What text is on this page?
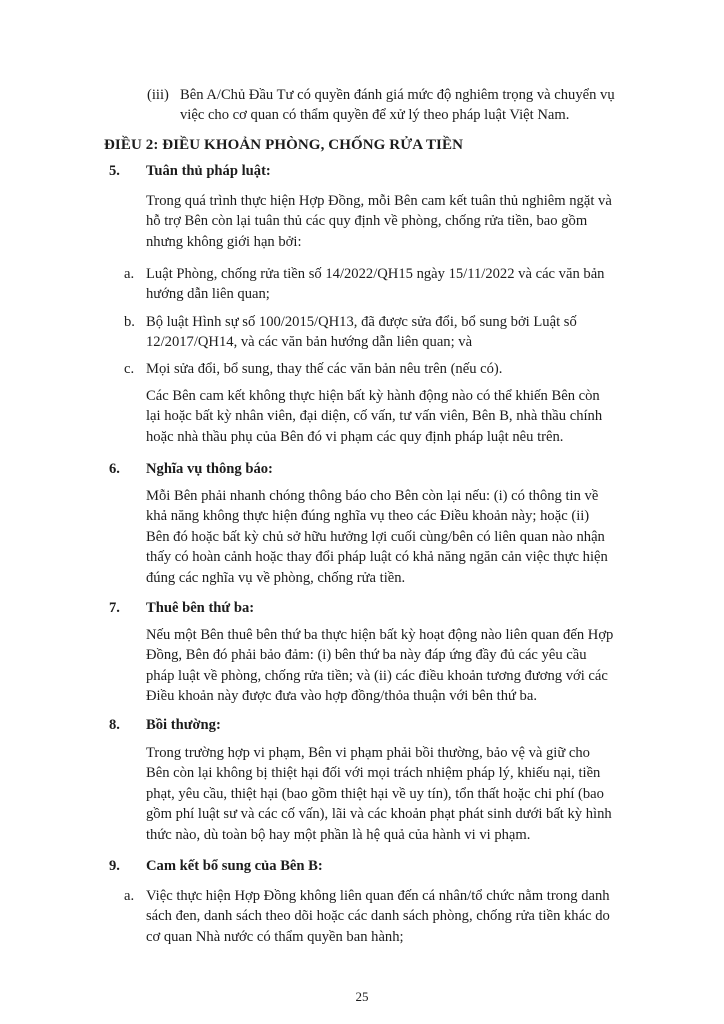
(iii) Bên A/Chủ Đầu Tư có quyền đánh giá mức độ nghiêm trọng và chuyển vụ
việc cho cơ quan có thẩm quyền để xử lý theo pháp luật Việt Nam.
ĐIỀU 2: ĐIỀU KHOẢN PHÒNG, CHỐNG RỬA TIỀN
5. Tuân thủ pháp luật:
Trong quá trình thực hiện Hợp Đồng, mỗi Bên cam kết tuân thủ nghiêm ngặt và
hỗ trợ Bên còn lại tuân thủ các quy định về phòng, chống rửa tiền, bao gồm
nhưng không giới hạn bởi:
a. Luật Phòng, chống rửa tiền số 14/2022/QH15 ngày 15/11/2022 và các văn bản
hướng dẫn liên quan;
b. Bộ luật Hình sự số 100/2015/QH13, đã được sửa đổi, bổ sung bởi Luật số
12/2017/QH14, và các văn bản hướng dẫn liên quan; và
c. Mọi sửa đổi, bổ sung, thay thế các văn bản nêu trên (nếu có).
Các Bên cam kết không thực hiện bất kỳ hành động nào có thể khiến Bên còn
lại hoặc bất kỳ nhân viên, đại diện, cố vấn, tư vấn viên, Bên B, nhà thầu chính
hoặc nhà thầu phụ của Bên đó vi phạm các quy định pháp luật nêu trên.
6. Nghĩa vụ thông báo:
Mỗi Bên phải nhanh chóng thông báo cho Bên còn lại nếu: (i) có thông tin về
khả năng không thực hiện đúng nghĩa vụ theo các Điều khoản này; hoặc (ii)
Bên đó hoặc bất kỳ chủ sở hữu hưởng lợi cuối cùng/bên có liên quan nào nhận
thấy có hoàn cảnh hoặc thay đổi pháp luật có khả năng ngăn cản việc thực hiện
đúng các nghĩa vụ về phòng, chống rửa tiền.
7. Thuê bên thứ ba:
Nếu một Bên thuê bên thứ ba thực hiện bất kỳ hoạt động nào liên quan đến Hợp
Đồng, Bên đó phải bảo đảm: (i) bên thứ ba này đáp ứng đầy đủ các yêu cầu
pháp luật về phòng, chống rửa tiền; và (ii) các điều khoản tương đương với các
Điều khoản này được đưa vào hợp đồng/thỏa thuận với bên thứ ba.
8. Bồi thường:
Trong trường hợp vi phạm, Bên vi phạm phải bồi thường, bảo vệ và giữ cho
Bên còn lại không bị thiệt hại đối với mọi trách nhiệm pháp lý, khiếu nại, tiền
phạt, yêu cầu, thiệt hại (bao gồm thiệt hại về uy tín), tổn thất hoặc chi phí (bao
gồm phí luật sư và các cố vấn), lãi và các khoản phạt phát sinh dưới bất kỳ hình
thức nào, dù toàn bộ hay một phần là hệ quả của hành vi vi phạm.
9. Cam kết bổ sung của Bên B:
a. Việc thực hiện Hợp Đồng không liên quan đến cá nhân/tổ chức nằm trong danh
sách đen, danh sách theo dõi hoặc các danh sách phòng, chống rửa tiền khác do
cơ quan Nhà nước có thẩm quyền ban hành;
25
